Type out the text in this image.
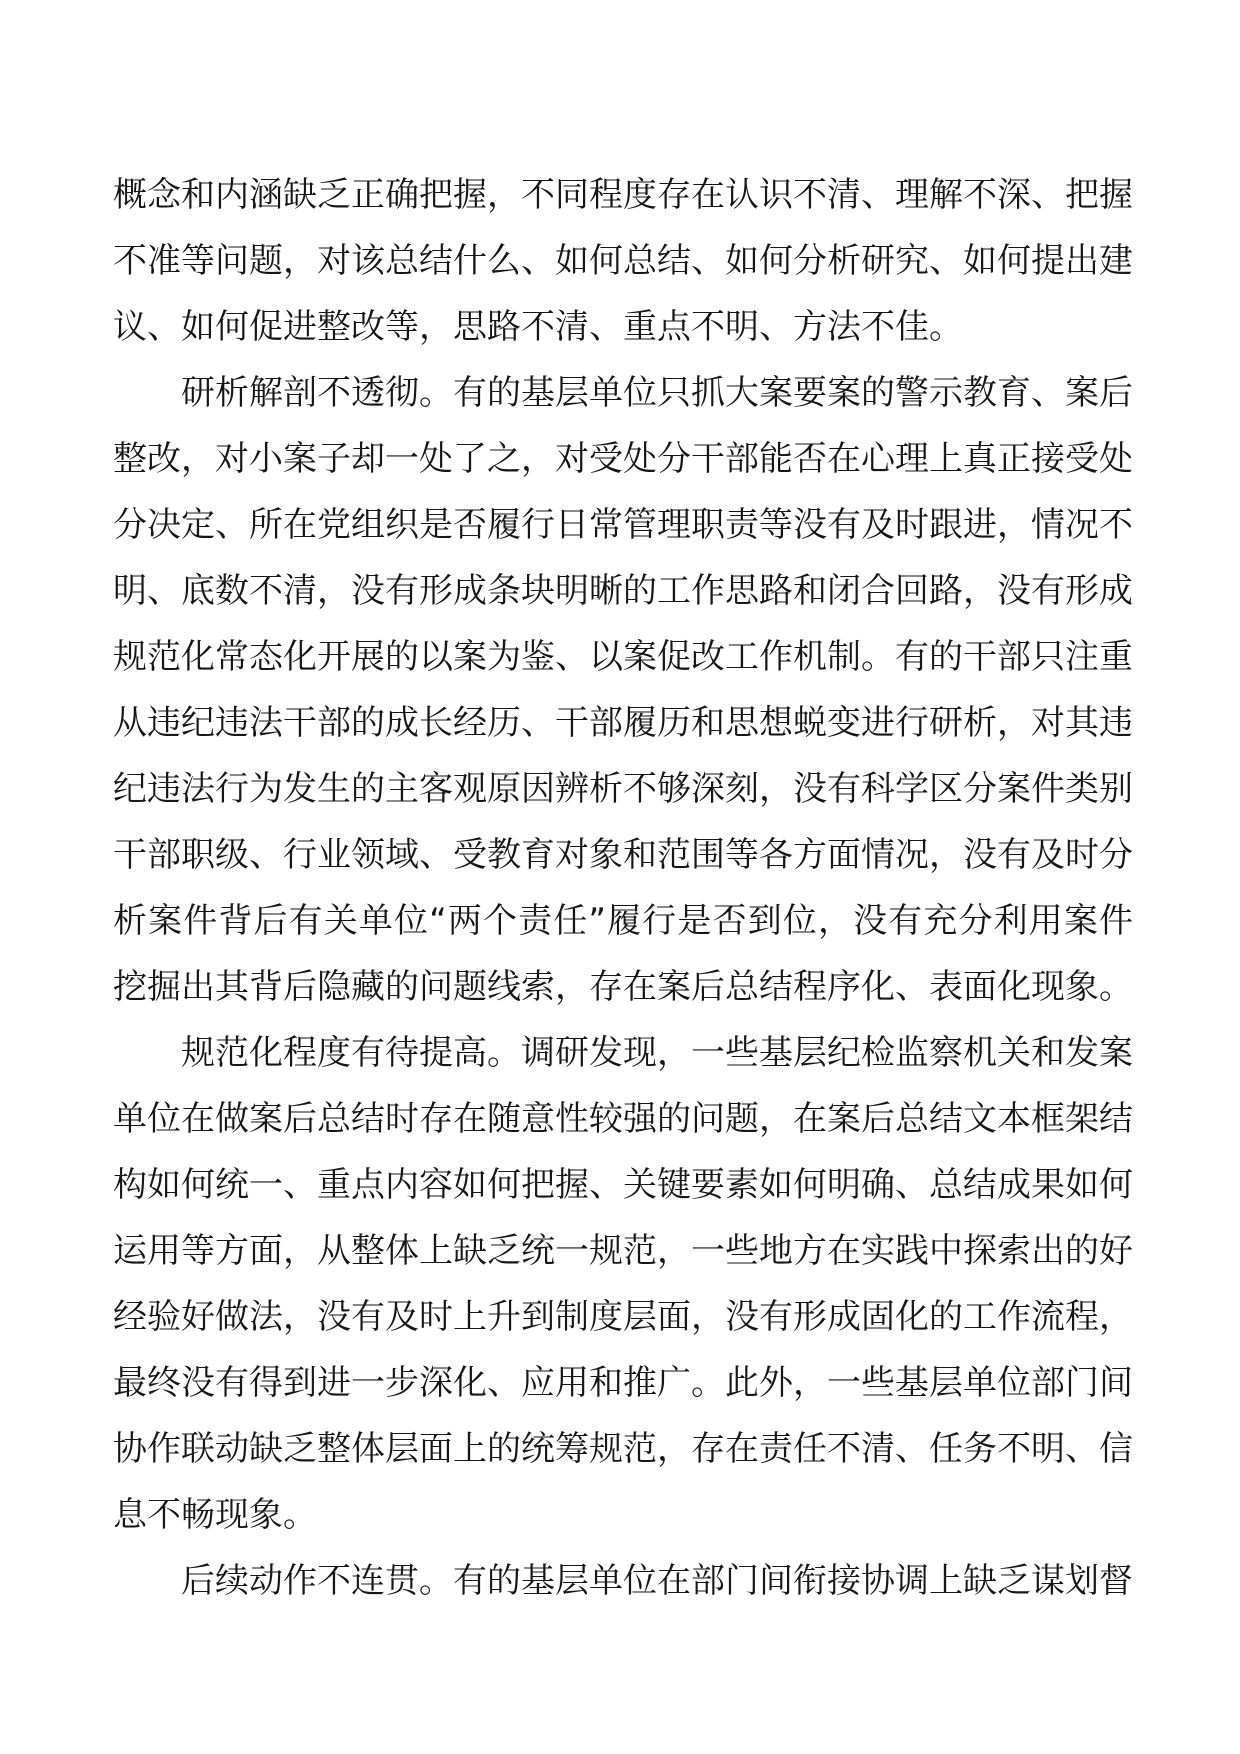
概念和内涵缺乏正确把握，不同程度存在认识不清、理解不深、把握
不准等问题，对该总结什么、如何总结、如何分析研究、如何提出建
议、如何促进整改等，思路不清、重点不明、方法不佳。
研析解剖不透彻。有的基层单位只抓大案要案的警示教育、案后
整改，对小案子却一处了之，对受处分干部能否在心理上真正接受处
分决定、所在党组织是否履行日常管理职责等没有及时跟进，情况不
明、底数不清，没有形成条块明晰的工作思路和闭合回路，没有形成
规范化常态化开展的以案为鉴、以案促改工作机制。有的干部只注重
从违纪违法干部的成长经历、干部履历和思想蜕变进行研析，对其违
纪违法行为发生的主客观原因辨析不够深刻，没有科学区分案件类别
干部职级、行业领域、受教育对象和范围等各方面情况，没有及时分
析案件背后有关单位“两个责任”履行是否到位，没有充分利用案件
挖掘出其背后隐藏的问题线索，存在案后总结程序化、表面化现象。
规范化程度有待提高。调研发现，一些基层纪检监察机关和发案
单位在做案后总结时存在随意性较强的问题，在案后总结文本框架结
构如何统一、重点内容如何把握、关键要素如何明确、总结成果如何
运用等方面，从整体上缺乏统一规范，一些地方在实践中探索出的好
经验好做法，没有及时上升到制度层面，没有形成固化的工作流程，
最终没有得到进一步深化、应用和推广。此外，一些基层单位部门间
协作联动缺乏整体层面上的统筹规范，存在责任不清、任务不明、信
息不畅现象。
后续动作不连贯。有的基层单位在部门间衔接协调上缺乏谋划督
